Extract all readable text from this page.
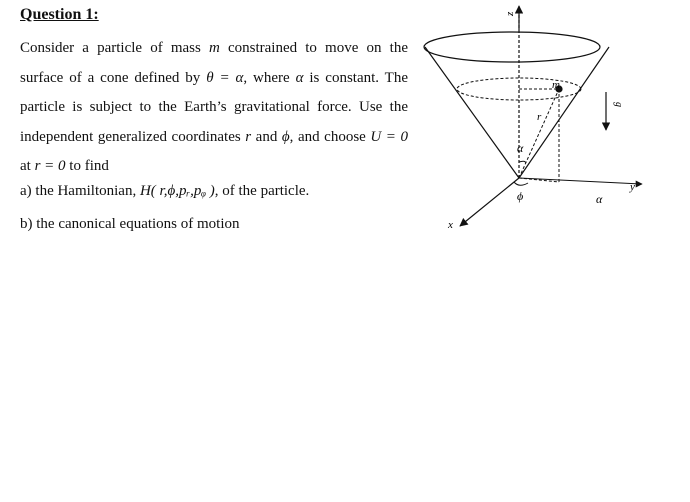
Question 1:
Consider a particle of mass m constrained to move on the surface of a cone defined by θ = α, where α is constant. The particle is subject to the Earth’s gravitational force. Use the independent generalized coordinates r and ϕ, and choose U = 0 at r = 0 to find
a) the Hamiltonian, H( r,ϕ,pᵣ,pᵩ ), of the particle.
b) the canonical equations of motion
z
y
x
m
r
α
ϕ
g
α
